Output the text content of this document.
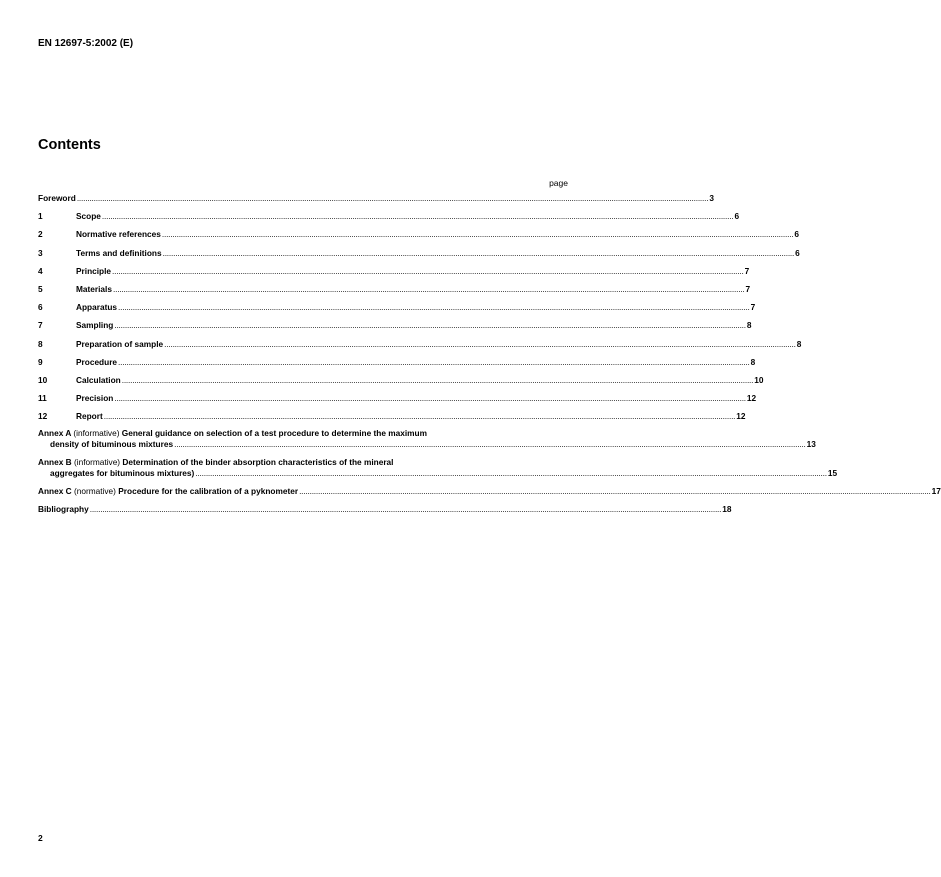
EN 12697-5:2002 (E)
Contents
page
Foreword ............................................................................................................................................................................................................................................................................................................ 3
1	Scope ............................................................................................................................................................................................................................................................................................................ 6
2	Normative references ............................................................................................................................................................................................................................................................................................................ 6
3	Terms and definitions ............................................................................................................................................................................................................................................................................................................ 6
4	Principle ............................................................................................................................................................................................................................................................................................................ 7
5	Materials ............................................................................................................................................................................................................................................................................................................ 7
6	Apparatus ............................................................................................................................................................................................................................................................................................................ 7
7	Sampling ............................................................................................................................................................................................................................................................................................................ 8
8	Preparation of sample ............................................................................................................................................................................................................................................................................................................ 8
9	Procedure ............................................................................................................................................................................................................................................................................................................ 8
10	Calculation ............................................................................................................................................................................................................................................................................................................ 10
11	Precision ............................................................................................................................................................................................................................................................................................................ 12
12	Report ............................................................................................................................................................................................................................................................................................................ 12
Annex A (informative) General guidance on selection of a test procedure to determine the maximum
density of bituminous mixtures ............................................................................................................................................................................................................................................................................................................ 13
Annex B (informative) Determination of the binder absorption characteristics of the mineral
aggregates for bituminous mixtures) ............................................................................................................................................................................................................................................................................................................ 15
Annex C (normative) Procedure for the calibration of a pyknometer ............................................................................................................................................................................................................................................................................................................ 17
Bibliography ............................................................................................................................................................................................................................................................................................................ 18
2
